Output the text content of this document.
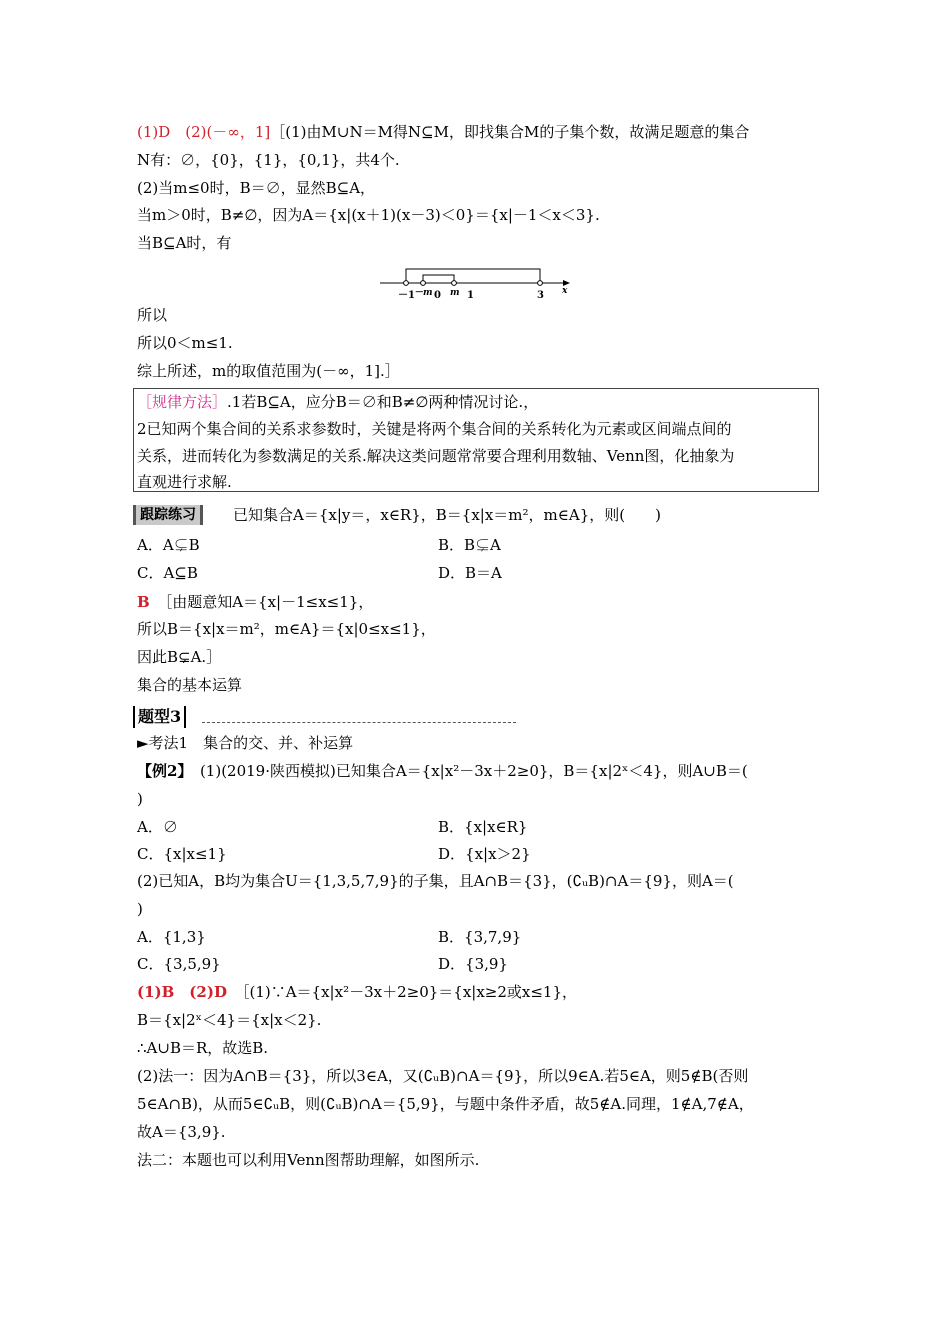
(1)D　(2)(－∞，1]［(1)由M∪N＝M得N⊆M，即找集合M的子集个数，故满足题意的集合
N有：∅，{0}，{1}，{0,1}，共4个.
(2)当m≤0时，B＝∅，显然B⊆A，
当m＞0时，B≠∅，因为A＝{x|(x＋1)(x－3)＜0}＝{x|－1＜x＜3}.
当B⊆A时，有
－1 －m 0 m 1	3 x
所以
所以0＜m≤1.
综上所述，m的取值范围为(－∞，1].］
［规律方法］.1若B⊆A，应分B＝∅和B≠∅两种情况讨论.，
2已知两个集合间的关系求参数时，关键是将两个集合间的关系转化为元素或区间端点间的
关系，进而转化为参数满足的关系.解决这类问题常常要合理利用数轴、Venn图，化抽象为
直观进行求解.
跟踪练习	已知集合A＝{x|y＝，x∈R}，B＝{x|x＝m²，m∈A}，则(　　)
A．A⊊B	B．B⊊A
C．A⊆B	D．B＝A
B　 ［由题意知A＝{x|－1≤x≤1}，
所以B＝{x|x＝m²，m∈A}＝{x|0≤x≤1}，
因此B⊊A.］
集合的基本运算
题型3
►考法1　集合的交、并、补运算
【例2】　 (1)(2019·陕西模拟)已知集合A＝{x|x²－3x＋2≥0}，B＝{x|2ˣ＜4}，则A∪B＝(
)
A．∅	B．{x|x∈R}
C．{x|x≤1}	D．{x|x＞2}
(2)已知A，B均为集合U＝{1,3,5,7,9}的子集，且A∩B＝{3}，(∁ᵤB)∩A＝{9}，则A＝(
)
A．{1,3}	B．{3,7,9}
C．{3,5,9}	D．{3,9}
(1)B　(2)D　 ［(1)∵A＝{x|x²－3x＋2≥0}＝{x|x≥2或x≤1}，
B＝{x|2ˣ＜4}＝{x|x＜2}.
∴A∪B＝R，故选B.
(2)法一：因为A∩B＝{3}，所以3∈A，又(∁ᵤB)∩A＝{9}，所以9∈A.若5∈A，则5∉B(否则
5∈A∩B)，从而5∈∁ᵤB，则(∁ᵤB)∩A＝{5,9}，与题中条件矛盾，故5∉A.同理，1∉A,7∉A，
故A＝{3,9}.
法二：本题也可以利用Venn图帮助理解，如图所示.
